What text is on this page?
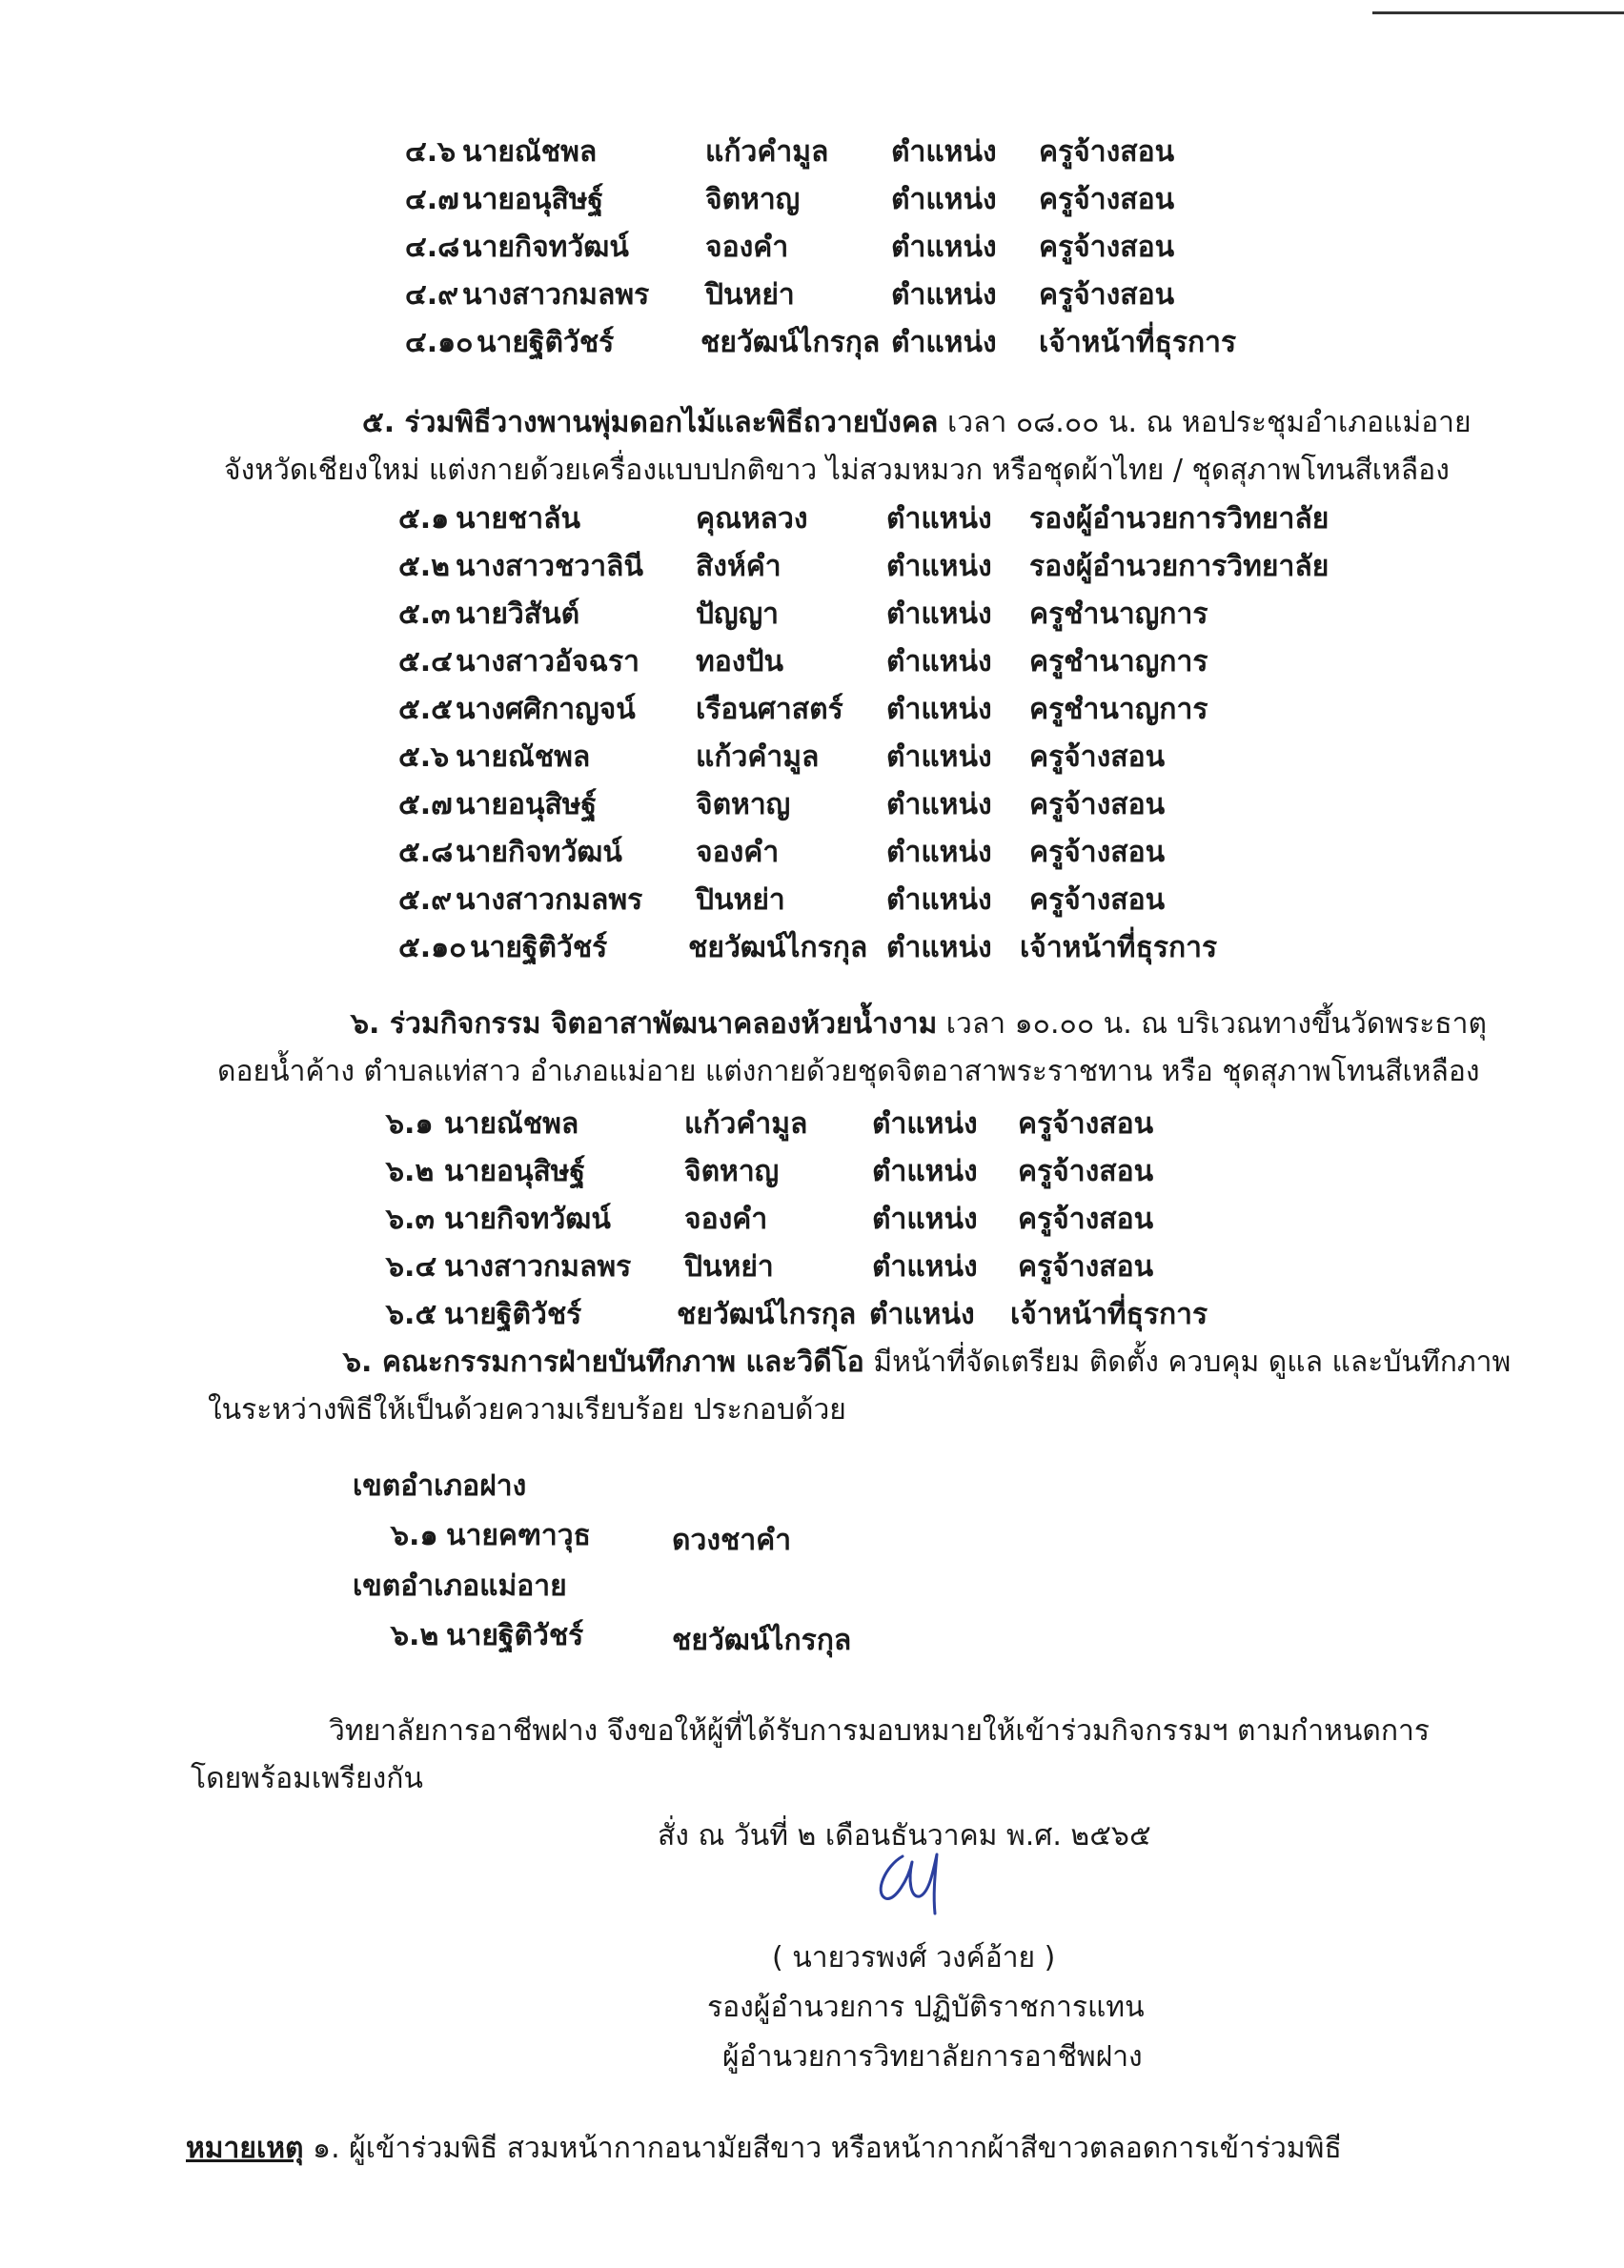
๔.๖ นายณัชพล	แก้วคำมูล ตำแหน่ง ครูจ้างสอน
๔.๗ นายอนุสิษฐ์	จิตหาญ	ตำแหน่ง ครูจ้างสอน
๔.๘ นายกิจทวัฒน์	จองคำ	ตำแหน่ง ครูจ้างสอน
๔.๙ นางสาวกมลพร ปินหย่า	ตำแหน่ง ครูจ้างสอน
๔.๑๐ นายฐิติวัชร์	ชยวัฒน์ไกรกุล ตำแหน่ง เจ้าหน้าที่ธุรการ
๕. ร่วมพิธีวางพานพุ่มดอกไม้และพิธีถวายบังคล เวลา ๐๘.๐๐ น. ณ หอประชุมอำเภอแม่อาย
จังหวัดเชียงใหม่ แต่งกายด้วยเครื่องแบบปกติขาว ไม่สวมหมวก หรือชุดผ้าไทย / ชุดสุภาพโทนสีเหลือง
๕.๑ นายชาลัน	คุณหลวง	ตำแหน่ง รองผู้อำนวยการวิทยาลัย
๕.๒ นางสาวชวาลินี สิงห์คำ	ตำแหน่ง รองผู้อำนวยการวิทยาลัย
๕.๓ นายวิสันต์	ปัญญา	ตำแหน่ง ครูชำนาญการ
๕.๔ นางสาวอัจฉรา ทองปัน	ตำแหน่ง ครูชำนาญการ
๕.๕ นางศศิกาญจน์ เรือนศาสตร์ ตำแหน่ง ครูชำนาญการ
๕.๖ นายณัชพล	แก้วคำมูล ตำแหน่ง ครูจ้างสอน
๕.๗ นายอนุสิษฐ์	จิตหาญ	ตำแหน่ง ครูจ้างสอน
๕.๘ นายกิจทวัฒน์	จองคำ	ตำแหน่ง ครูจ้างสอน
๕.๙ นางสาวกมลพร ปินหย่า	ตำแหน่ง ครูจ้างสอน
๕.๑๐ นายฐิติวัชร์	ชยวัฒน์ไกรกุล ตำแหน่ง เจ้าหน้าที่ธุรการ
๖. ร่วมกิจกรรม จิตอาสาพัฒนาคลองห้วยน้ำงาม เวลา ๑๐.๐๐ น. ณ บริเวณทางขึ้นวัดพระธาตุ
ดอยน้ำค้าง ตำบลแท่สาว อำเภอแม่อาย แต่งกายด้วยชุดจิตอาสาพระราชทาน หรือ ชุดสุภาพโทนสีเหลือง
๖.๑ นายณัชพล	แก้วคำมูล ตำแหน่ง ครูจ้างสอน
๖.๒ นายอนุสิษฐ์	จิตหาญ	ตำแหน่ง ครูจ้างสอน
๖.๓ นายกิจทวัฒน์	จองคำ	ตำแหน่ง ครูจ้างสอน
๖.๔ นางสาวกมลพร ปินหย่า	ตำแหน่ง ครูจ้างสอน
๖.๕ นายฐิติวัชร์	ชยวัฒน์ไกรกุล ตำแหน่ง เจ้าหน้าที่ธุรการ
๖. คณะกรรมการฝ่ายบันทึกภาพ และวิดีโอ มีหน้าที่จัดเตรียม ติดตั้ง ควบคุม ดูแล และบันทึกภาพ
ในระหว่างพิธีให้เป็นด้วยความเรียบร้อย ประกอบด้วย
เขตอำเภอฝาง
๖.๑ นายคฑาวุธ	ดวงชาคำ
เขตอำเภอแม่อาย
๖.๒ นายฐิติวัชร์	ชยวัฒน์ไกรกุล
วิทยาลัยการอาชีพฝาง จึงขอให้ผู้ที่ได้รับการมอบหมายให้เข้าร่วมกิจกรรมฯ ตามกำหนดการ
โดยพร้อมเพรียงกัน
สั่ง ณ วันที่ ๒ เดือนธันวาคม พ.ศ. ๒๕๖๕
( นายวรพงศ์ วงค์อ้าย )
รองผู้อำนวยการ ปฏิบัติราชการแทน
ผู้อำนวยการวิทยาลัยการอาชีพฝาง
หมายเหตุ ๑. ผู้เข้าร่วมพิธี สวมหน้ากากอนามัยสีขาว หรือหน้ากากผ้าสีขาวตลอดการเข้าร่วมพิธี
